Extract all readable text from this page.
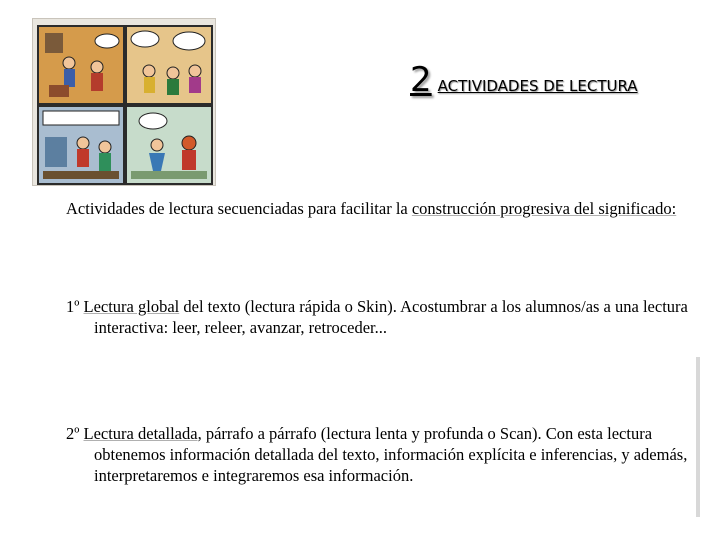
2 ACTIVIDADES DE LECTURA
Actividades de lectura secuenciadas para facilitar la construcción progresiva del significado:
1º Lectura global del texto (lectura rápida o Skin). Acostumbrar a los alumnos/as a una lectura interactiva: leer, releer, avanzar, retroceder...
2º Lectura detallada, párrafo a párrafo (lectura lenta y profunda o Scan). Con esta lectura obtenemos información detallada del texto, información explícita e inferencias, y además, interpretaremos e integraremos esa información.
